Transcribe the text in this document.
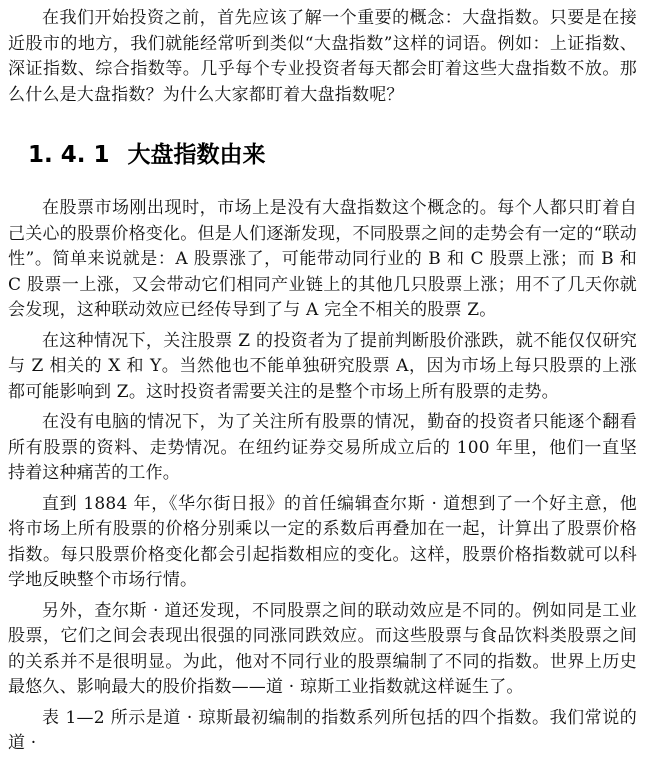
在我们开始投资之前，首先应该了解一个重要的概念：大盘指数。只要是在接近股市的地方，我们就能经常听到类似“大盘指数”这样的词语。例如：上证指数、深证指数、综合指数等。几乎每个专业投资者每天都会盯着这些大盘指数不放。那么什么是大盘指数？为什么大家都盯着大盘指数呢？

1. 4. 1 大盘指数由来

在股票市场刚出现时，市场上是没有大盘指数这个概念的。每个人都只盯着自己关心的股票价格变化。但是人们逐渐发现，不同股票之间的走势会有一定的“联动性”。简单来说就是：A 股票涨了，可能带动同行业的 B 和 C 股票上涨；而 B 和 C 股票一上涨，又会带动它们相同产业链上的其他几只股票上涨；用不了几天你就会发现，这种联动效应已经传导到了与 A 完全不相关的股票 Z。

在这种情况下，关注股票 Z 的投资者为了提前判断股价涨跌，就不能仅仅研究与 Z 相关的 X 和 Y。当然他也不能单独研究股票 A，因为市场上每只股票的上涨都可能影响到 Z。这时投资者需要关注的是整个市场上所有股票的走势。

在没有电脑的情况下，为了关注所有股票的情况，勤奋的投资者只能逐个翻看所有股票的资料、走势情况。在纽约证券交易所成立后的 100 年里，他们一直坚持着这种痛苦的工作。

直到 1884 年，《华尔街日报》的首任编辑查尔斯 · 道想到了一个好主意，他将市场上所有股票的价格分别乘以一定的系数后再叠加在一起，计算出了股票价格指数。每只股票价格变化都会引起指数相应的变化。这样，股票价格指数就可以科学地反映整个市场行情。

另外，查尔斯 · 道还发现，不同股票之间的联动效应是不同的。例如同是工业股票，它们之间会表现出很强的同涨同跌效应。而这些股票与食品饮料类股票之间的关系并不是很明显。为此，他对不同行业的股票编制了不同的指数。世界上历史最悠久、影响最大的股价指数——道 · 琼斯工业指数就这样诞生了。

表 1—2 所示是道 · 琼斯最初编制的指数系列所包括的四个指数。我们常说的道 ·
